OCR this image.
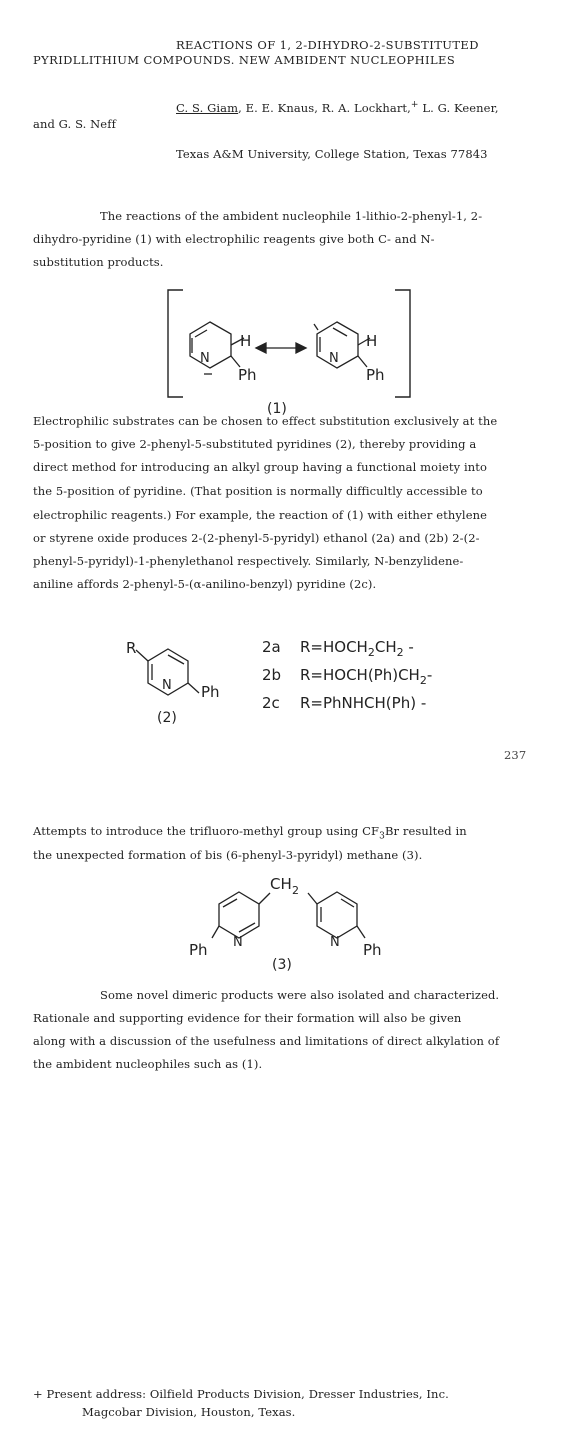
REACTIONS OF 1, 2-DIHYDRO-2-SUBSTITUTED
PYRIDLLITHIUM COMPOUNDS. NEW AMBIDENT NUCLEOPHILES
C. S. Giam, E. E. Knaus, R. A. Lockhart,+ L. G. Keener,
and G. S. Neff
Texas A&M University, College Station, Texas 77843
The reactions of the ambident nucleophile 1-lithio-2-phenyl-1, 2-
dihydro-pyridine (1) with electrophilic reagents give both C- and N-
substitution products.
N
H
Ph
N
H
Ph
(1)
Electrophilic substrates can be chosen to effect substitution exclusively at the
5-position to give 2-phenyl-5-substituted pyridines (2), thereby providing a
direct method for introducing an alkyl group having a functional moiety into
the 5-position of pyridine. (That position is normally difficultly accessible to
electrophilic reagents.) For example, the reaction of (1) with either ethylene
or styrene oxide produces 2-(2-phenyl-5-pyridyl) ethanol (2a) and (2b) 2-(2-
phenyl-5-pyridyl)-1-phenylethanol respectively. Similarly, N-benzylidene-
aniline affords 2-phenyl-5-(α-anilino-benzyl) pyridine (2c).
R
N Ph
(2)
2a $R=HOCH_2CH_2$ -
2b $R=HOCH(Ph)CH_2-$
2c R=PhNHCH(Ph) -
237
Attempts to introduce the trifluoro-methyl group using $CF_3Br$ resulted in
the unexpected formation of bis (6-phenyl-3-pyridyl) methane (3).
CH 2
N	N
Ph	Ph
(3)
Some novel dimeric products were also isolated and characterized.
Rationale and supporting evidence for their formation will also be given
along with a discussion of the usefulness and limitations of direct alkylation of
the ambident nucleophiles such as (1).
+ Present address: Oilfield Products Division, Dresser Industries, Inc.
Magcobar Division, Houston, Texas.
